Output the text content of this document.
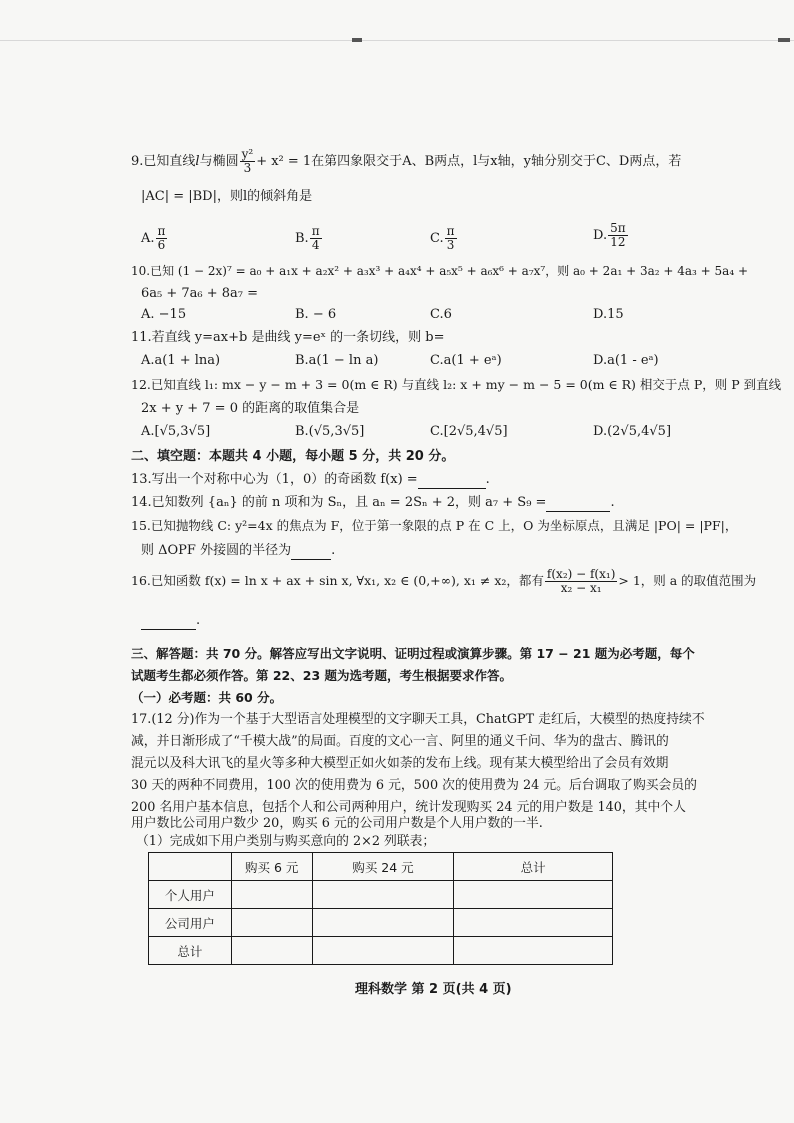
9.已知直线l与椭圆 $\frac{\text{y²}}{3} + x^2 = 1$在第四象限交于A、B两点，l与x轴，y轴分别交于C、D两点，若
|AC| = |BD|，则l的倾斜角是
A. $\frac{\pi}{6}$	B. $\frac{\pi}{4}$	C. $\frac{\pi}{3}$	D. $\frac{5\pi}{12}$
10.已知 (1 − 2x)⁷ = a₀ + a₁x + a₂x² + a₃x³ + a₄x⁴ + a₅x⁵ + a₆x⁶ + a₇x⁷，则 a₀ + 2a₁ + 3a₂ + 4a₃ + 5a₄ +
6a₅ + 7a₆ + 8a₇ =
A. −15	B. − 6	C.6	D.15
11.若直线 y=ax+b 是曲线 y=eˣ 的一条切线，则 b=
A.a(1 + lna)	B.a(1 − ln a)	C.a(1 + eᵃ)	D.a(1 - eᵃ)
12.已知直线 l₁: mx − y − m + 3 = 0(m ∈ R) 与直线 l₂: x + my − m − 5 = 0(m ∈ R) 相交于点 P，则 P 到直线
2x + y + 7 = 0 的距离的取值集合是
A.[√5,3√5]	B.(√5,3√5]	C.[2√5,4√5]	D.(2√5,4√5]
二、填空题：本题共 4 小题，每小题 5 分，共 20 分。
13.写出一个对称中心为（1，0）的奇函数 f(x) =	.
14.已知数列 {aₙ} 的前 n 项和为 Sₙ，且 aₙ = 2Sₙ + 2，则 a₇ + S₉ =	.
15.已知抛物线 C: y²=4x 的焦点为 F，位于第一象限的点 P 在 C 上，O 为坐标原点，且满足 |PO| = |PF|，
则 ΔOPF 外接圆的半径为	.
16.已知函数 f(x) = ln x + ax + sin x, ∀x₁, x₂ ∈ (0,+∞), x₁ ≠ x₂，都有 $\frac{\text{f(x₂) − f(x₁)}}{\text{x₂ − x₁}} > 1$，则 a 的取值范围为
.
三、解答题：共 70 分。解答应写出文字说明、证明过程或演算步骤。第 17 − 21 题为必考题，每个
试题考生都必须作答。第 22、23 题为选考题，考生根据要求作答。
（一）必考题：共 60 分。
17.(12 分)作为一个基于大型语言处理模型的文字聊天工具，ChatGPT 走红后，大模型的热度持续不
减，并日渐形成了“千模大战”的局面。百度的文心一言、阿里的通义千问、华为的盘古、腾讯的
混元以及科大讯飞的星火等多种大模型正如火如荼的发布上线。现有某大模型给出了会员有效期
30 天的两种不同费用，100 次的使用费为 6 元，500 次的使用费为 24 元。后台调取了购买会员的
200 名用户基本信息，包括个人和公司两种用户，统计发现购买 24 元的用户数是 140，其中个人
用户数比公司用户数少 20，购买 6 元的公司用户数是个人用户数的一半.
（1）完成如下用户类别与购买意向的 2×2 列联表；
	购买 6 元	购买 24 元	总计
个人用户			
公司用户			
总计			
理科数学 第 2 页(共 4 页)
